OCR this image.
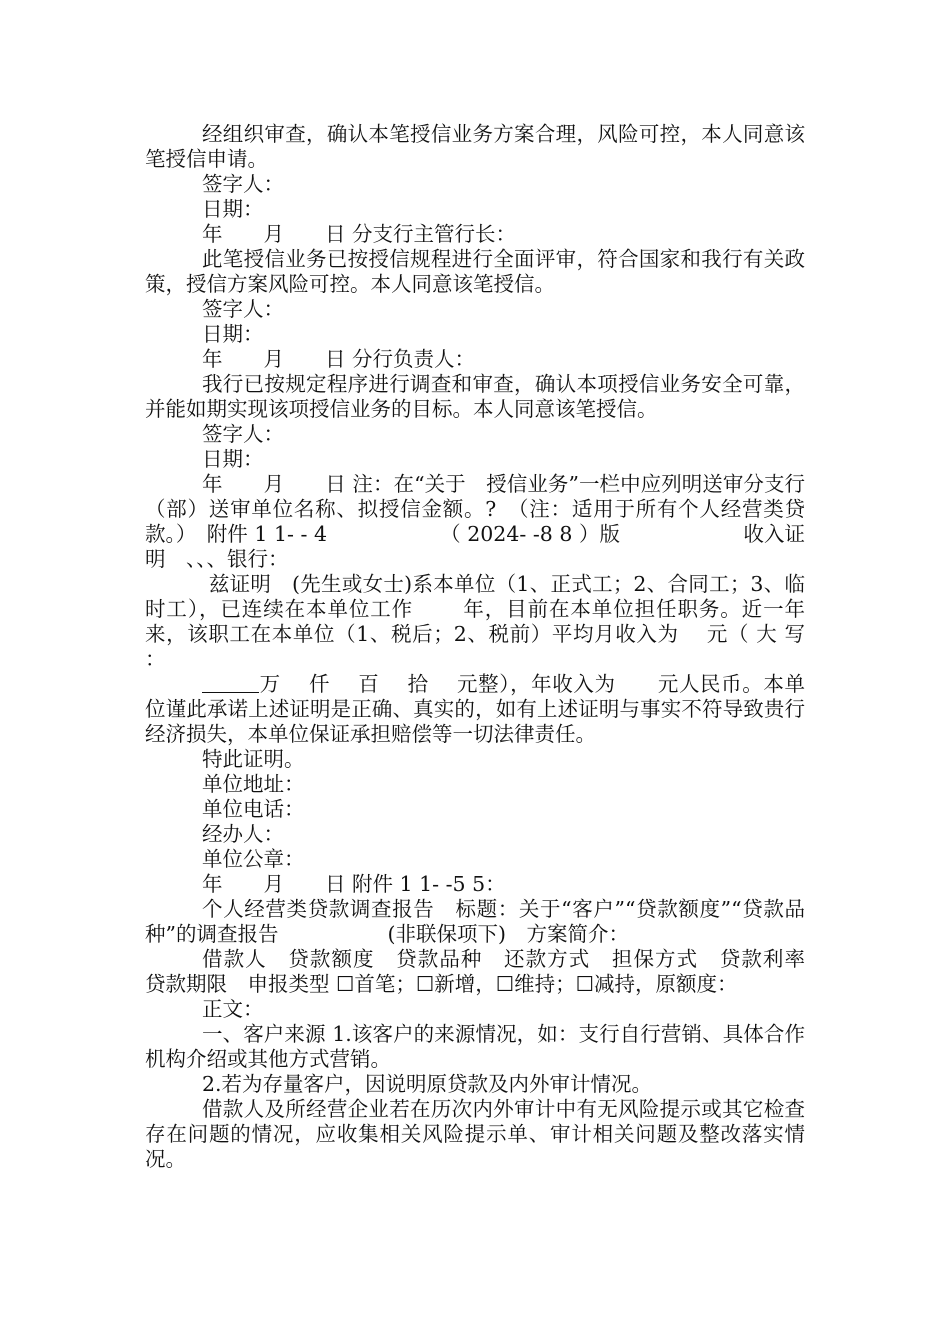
经组织审查，确认本笔授信业务方案合理，风险可控，本人同意该笔授信申请。

签字人：

日期：

年　　月　　日 分支行主管行长：

此笔授信业务已按授信规程进行全面评审，符合国家和我行有关政策，授信方案风险可控。本人同意该笔授信。

签字人：

日期：

年　　月　　日 分行负责人：

我行已按规定程序进行调查和审查，确认本项授信业务安全可靠，并能如期实现该项授信业务的目标。本人同意该笔授信。

签字人：

日期：

年　　月　　日 注：在“关于　授信业务”一栏中应列明送审分支行（部）送审单位名称、拟授信金额。?　（注：适用于所有个人经营类贷款。）　附件 1 1- - 4　　　　　　（ 2024- -8 8 ）版　　　　　　收入证明　、、、银行：

兹证明　(先生或女士)系本单位（1、正式工；2、合同工；3、临时工），已连续在本单位工作　　 年，目前在本单位担任职务。近一年来，该职工在本单位（1、税后；2、税前）平均月收入为　 元（ 大 写 ：

万　 仟　 百　 拾　 元整），年收入为　　元人民币。本单位谨此承诺上述证明是正确、真实的，如有上述证明与事实不符导致贵行经济损失，本单位保证承担赔偿等一切法律责任。

特此证明。

单位地址：

单位电话：

经办人：

单位公章：

年　　月　　日 附件 1 1- -5 5：

个人经营类贷款调查报告　标题：关于“客户”“贷款额度”“贷款品种”的调查报告　　　　　 (非联保项下)　方案简介：

借款人　贷款额度　贷款品种　还款方式　担保方式　贷款利率　贷款期限　申报类型 ☐首笔；☐新增，☐维持；☐减持，原额度：

正文：

一、客户来源 1.该客户的来源情况，如：支行自行营销、具体合作机构介绍或其他方式营销。

2.若为存量客户，因说明原贷款及内外审计情况。

借款人及所经营企业若在历次内外审计中有无风险提示或其它检查存在问题的情况，应收集相关风险提示单、审计相关问题及整改落实情况。
